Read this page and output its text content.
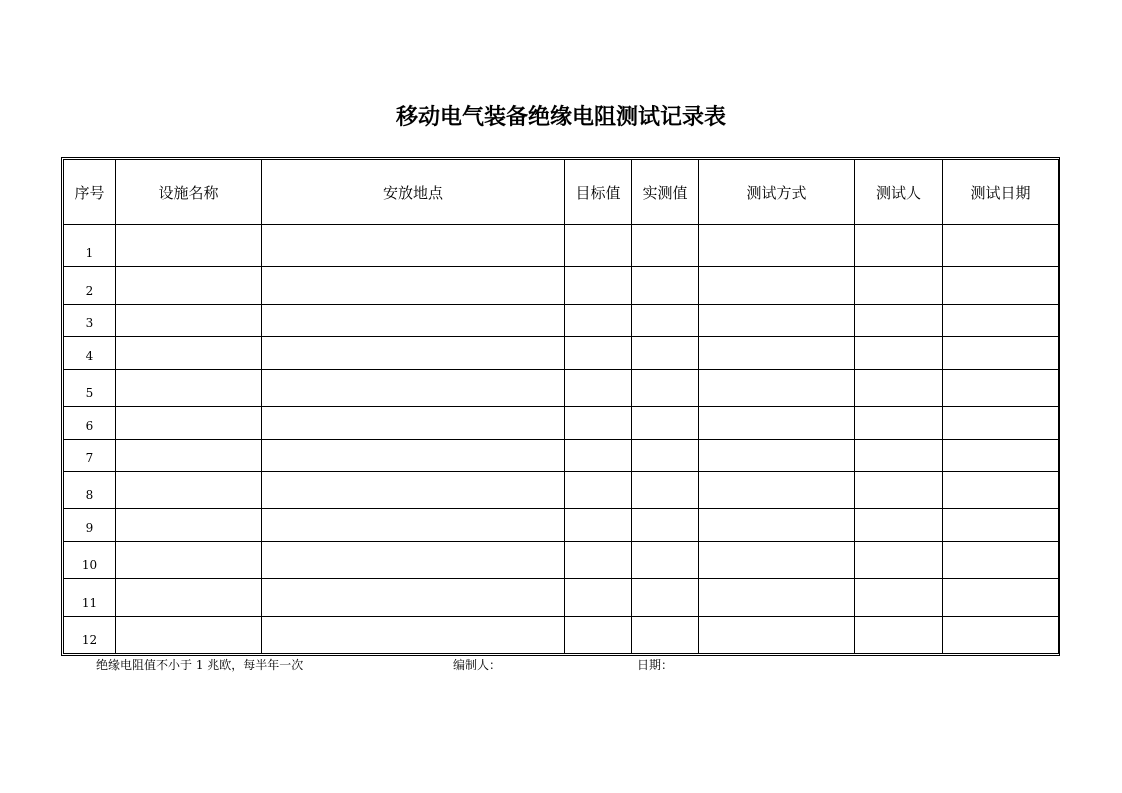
移动电气装备绝缘电阻测试记录表
序号	设施名称	安放地点	目标值	实测值	测试方式	测试人	测试日期
1							
2							
3							
4							
5							
6							
7							
8							
9							
10							
11							
12							
绝缘电阻值不小于 1 兆欧，每半年一次	编制人：	日期：
